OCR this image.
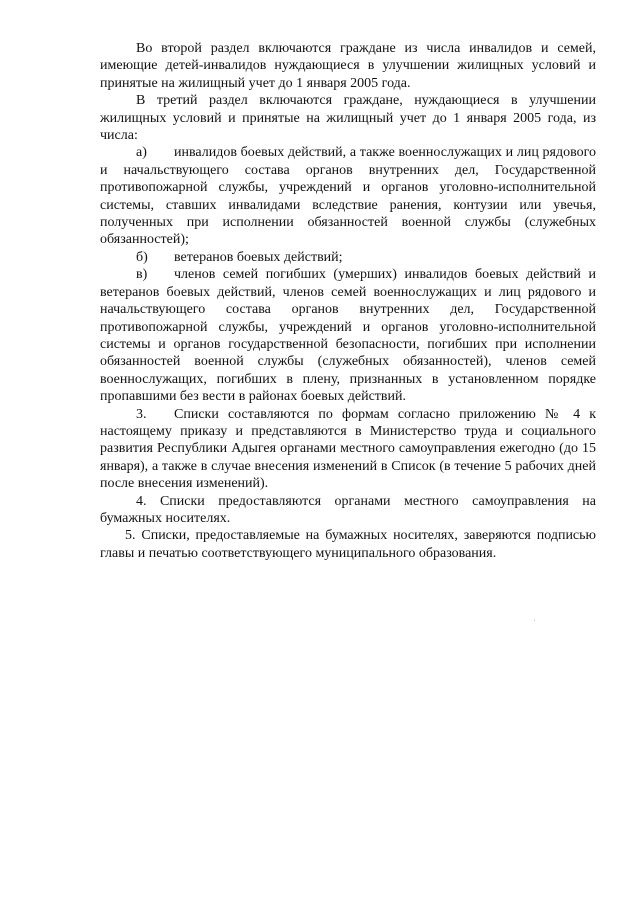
Во второй раздел включаются граждане из числа инвалидов и семей, имеющие детей-инвалидов нуждающиеся в улучшении жилищных условий и принятые на жилищный учет до 1 января 2005 года.

В третий раздел включаются граждане, нуждающиеся в улучшении жилищных условий и принятые на жилищный учет до 1 января 2005 года, из числа:

а) инвалидов боевых действий, а также военнослужащих и лиц рядового и начальствующего состава органов внутренних дел, Государственной противопожарной службы, учреждений и органов уголовно-исполнительной системы, ставших инвалидами вследствие ранения, контузии или увечья, полученных при исполнении обязанностей военной службы (служебных обязанностей);

б) ветеранов боевых действий;

в) членов семей погибших (умерших) инвалидов боевых действий и ветеранов боевых действий, членов семей военнослужащих и лиц рядового и начальствующего состава органов внутренних дел, Государственной противопожарной службы, учреждений и органов уголовно-исполнительной системы и органов государственной безопасности, погибших при исполнении обязанностей военной службы (служебных обязанностей), членов семей военнослужащих, погибших в плену, признанных в установленном порядке пропавшими без вести в районах боевых действий.

3. Списки составляются по формам согласно приложению № 4 к настоящему приказу и представляются в Министерство труда и социального развития Республики Адыгея органами местного самоуправления ежегодно (до 15 января), а также в случае внесения изменений в Список (в течение 5 рабочих дней после внесения изменений).

4. Списки предоставляются органами местного самоуправления на бумажных носителях.

5. Списки, предоставляемые на бумажных носителях, заверяются подписью главы и печатью соответствующего муниципального образования.
